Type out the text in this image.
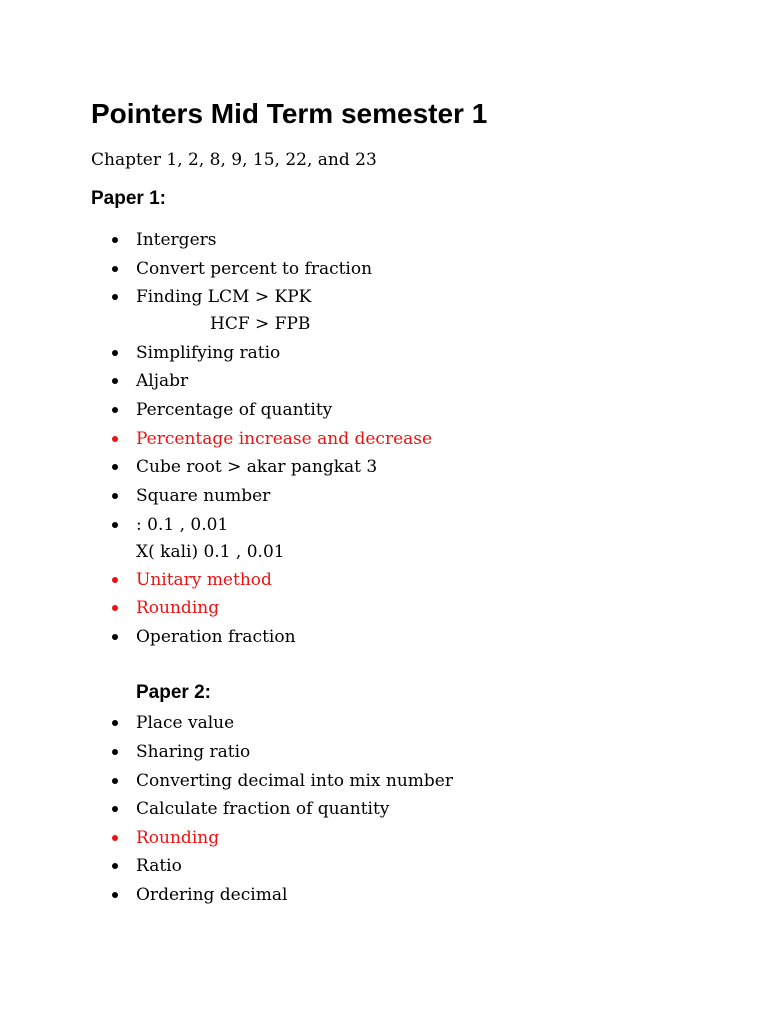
Pointers Mid Term semester 1

Chapter 1, 2, 8, 9, 15, 22, and 23

Paper 1:
Intergers
Convert percent to fraction
Finding LCM > KPK
HCF > FPB
Simplifying ratio
Aljabr
Percentage of quantity
Percentage increase and decrease
Cube root > akar pangkat 3
Square number
: 0.1 , 0.01
X( kali) 0.1 , 0.01
Unitary method
Rounding
Operation fraction
Paper 2:
Place value
Sharing ratio
Converting decimal into mix number
Calculate fraction of quantity
Rounding
Ratio
Ordering decimal
